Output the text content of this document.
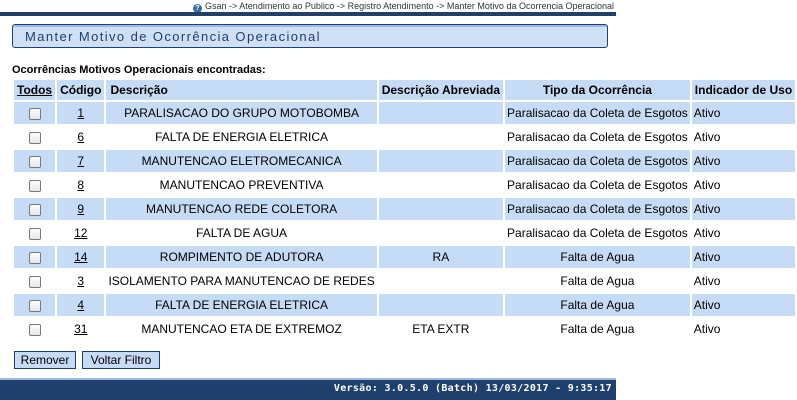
? Gsan -> Atendimento ao Publico -> Registro Atendimento -> Manter Motivo da Ocorrencia Operacional
Manter Motivo de Ocorrência Operacional
Ocorrências Motivos Operacionais encontradas:
Todos	Código	Descrição	Descrição Abreviada	Tipo da Ocorrência	Indicador de Uso
	1	PARALISACAO DO GRUPO MOTOBOMBA		Paralisacao da Coleta de Esgotos	Ativo
	6	FALTA DE ENERGIA ELETRICA		Paralisacao da Coleta de Esgotos	Ativo
	7	MANUTENCAO ELETROMECANICA		Paralisacao da Coleta de Esgotos	Ativo
	8	MANUTENCAO PREVENTIVA		Paralisacao da Coleta de Esgotos	Ativo
	9	MANUTENCAO REDE COLETORA		Paralisacao da Coleta de Esgotos	Ativo
	12	FALTA DE AGUA		Paralisacao da Coleta de Esgotos	Ativo
	14	ROMPIMENTO DE ADUTORA	RA	Falta de Agua	Ativo
	3	ISOLAMENTO PARA MANUTENCAO DE REDES		Falta de Agua	Ativo
	4	FALTA DE ENERGIA ELETRICA		Falta de Agua	Ativo
	31	MANUTENCAO ETA DE EXTREMOZ	ETA EXTR	Falta de Agua	Ativo
Remover	Voltar Filtro
Versão: 3.0.5.0 (Batch) 13/03/2017 - 9:35:17
